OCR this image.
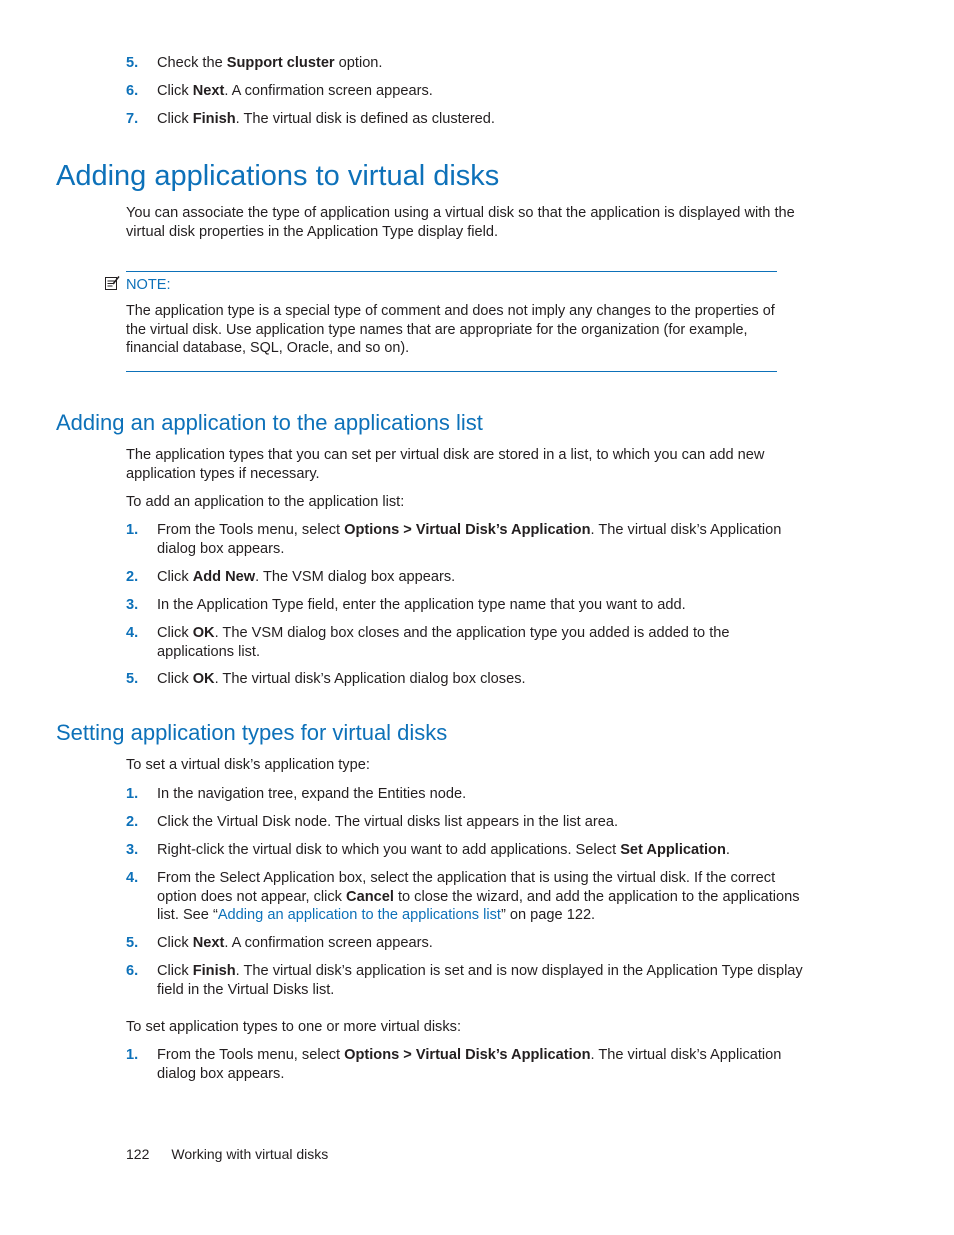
5. Check the Support cluster option.
6. Click Next. A confirmation screen appears.
7. Click Finish. The virtual disk is defined as clustered.
Adding applications to virtual disks
You can associate the type of application using a virtual disk so that the application is displayed with the virtual disk properties in the Application Type display field.
NOTE:
The application type is a special type of comment and does not imply any changes to the properties of the virtual disk. Use application type names that are appropriate for the organization (for example, financial database, SQL, Oracle, and so on).
Adding an application to the applications list
The application types that you can set per virtual disk are stored in a list, to which you can add new application types if necessary.
To add an application to the application list:
1. From the Tools menu, select Options > Virtual Disk’s Application. The virtual disk’s Application dialog box appears.
2. Click Add New. The VSM dialog box appears.
3. In the Application Type field, enter the application type name that you want to add.
4. Click OK. The VSM dialog box closes and the application type you added is added to the applications list.
5. Click OK. The virtual disk’s Application dialog box closes.
Setting application types for virtual disks
To set a virtual disk’s application type:
1. In the navigation tree, expand the Entities node.
2. Click the Virtual Disk node. The virtual disks list appears in the list area.
3. Right-click the virtual disk to which you want to add applications. Select Set Application.
4. From the Select Application box, select the application that is using the virtual disk. If the correct option does not appear, click Cancel to close the wizard, and add the application to the applications list. See “Adding an application to the applications list” on page 122.
5. Click Next. A confirmation screen appears.
6. Click Finish. The virtual disk’s application is set and is now displayed in the Application Type display field in the Virtual Disks list.
To set application types to one or more virtual disks:
1. From the Tools menu, select Options > Virtual Disk’s Application. The virtual disk’s Application dialog box appears.
122 Working with virtual disks
